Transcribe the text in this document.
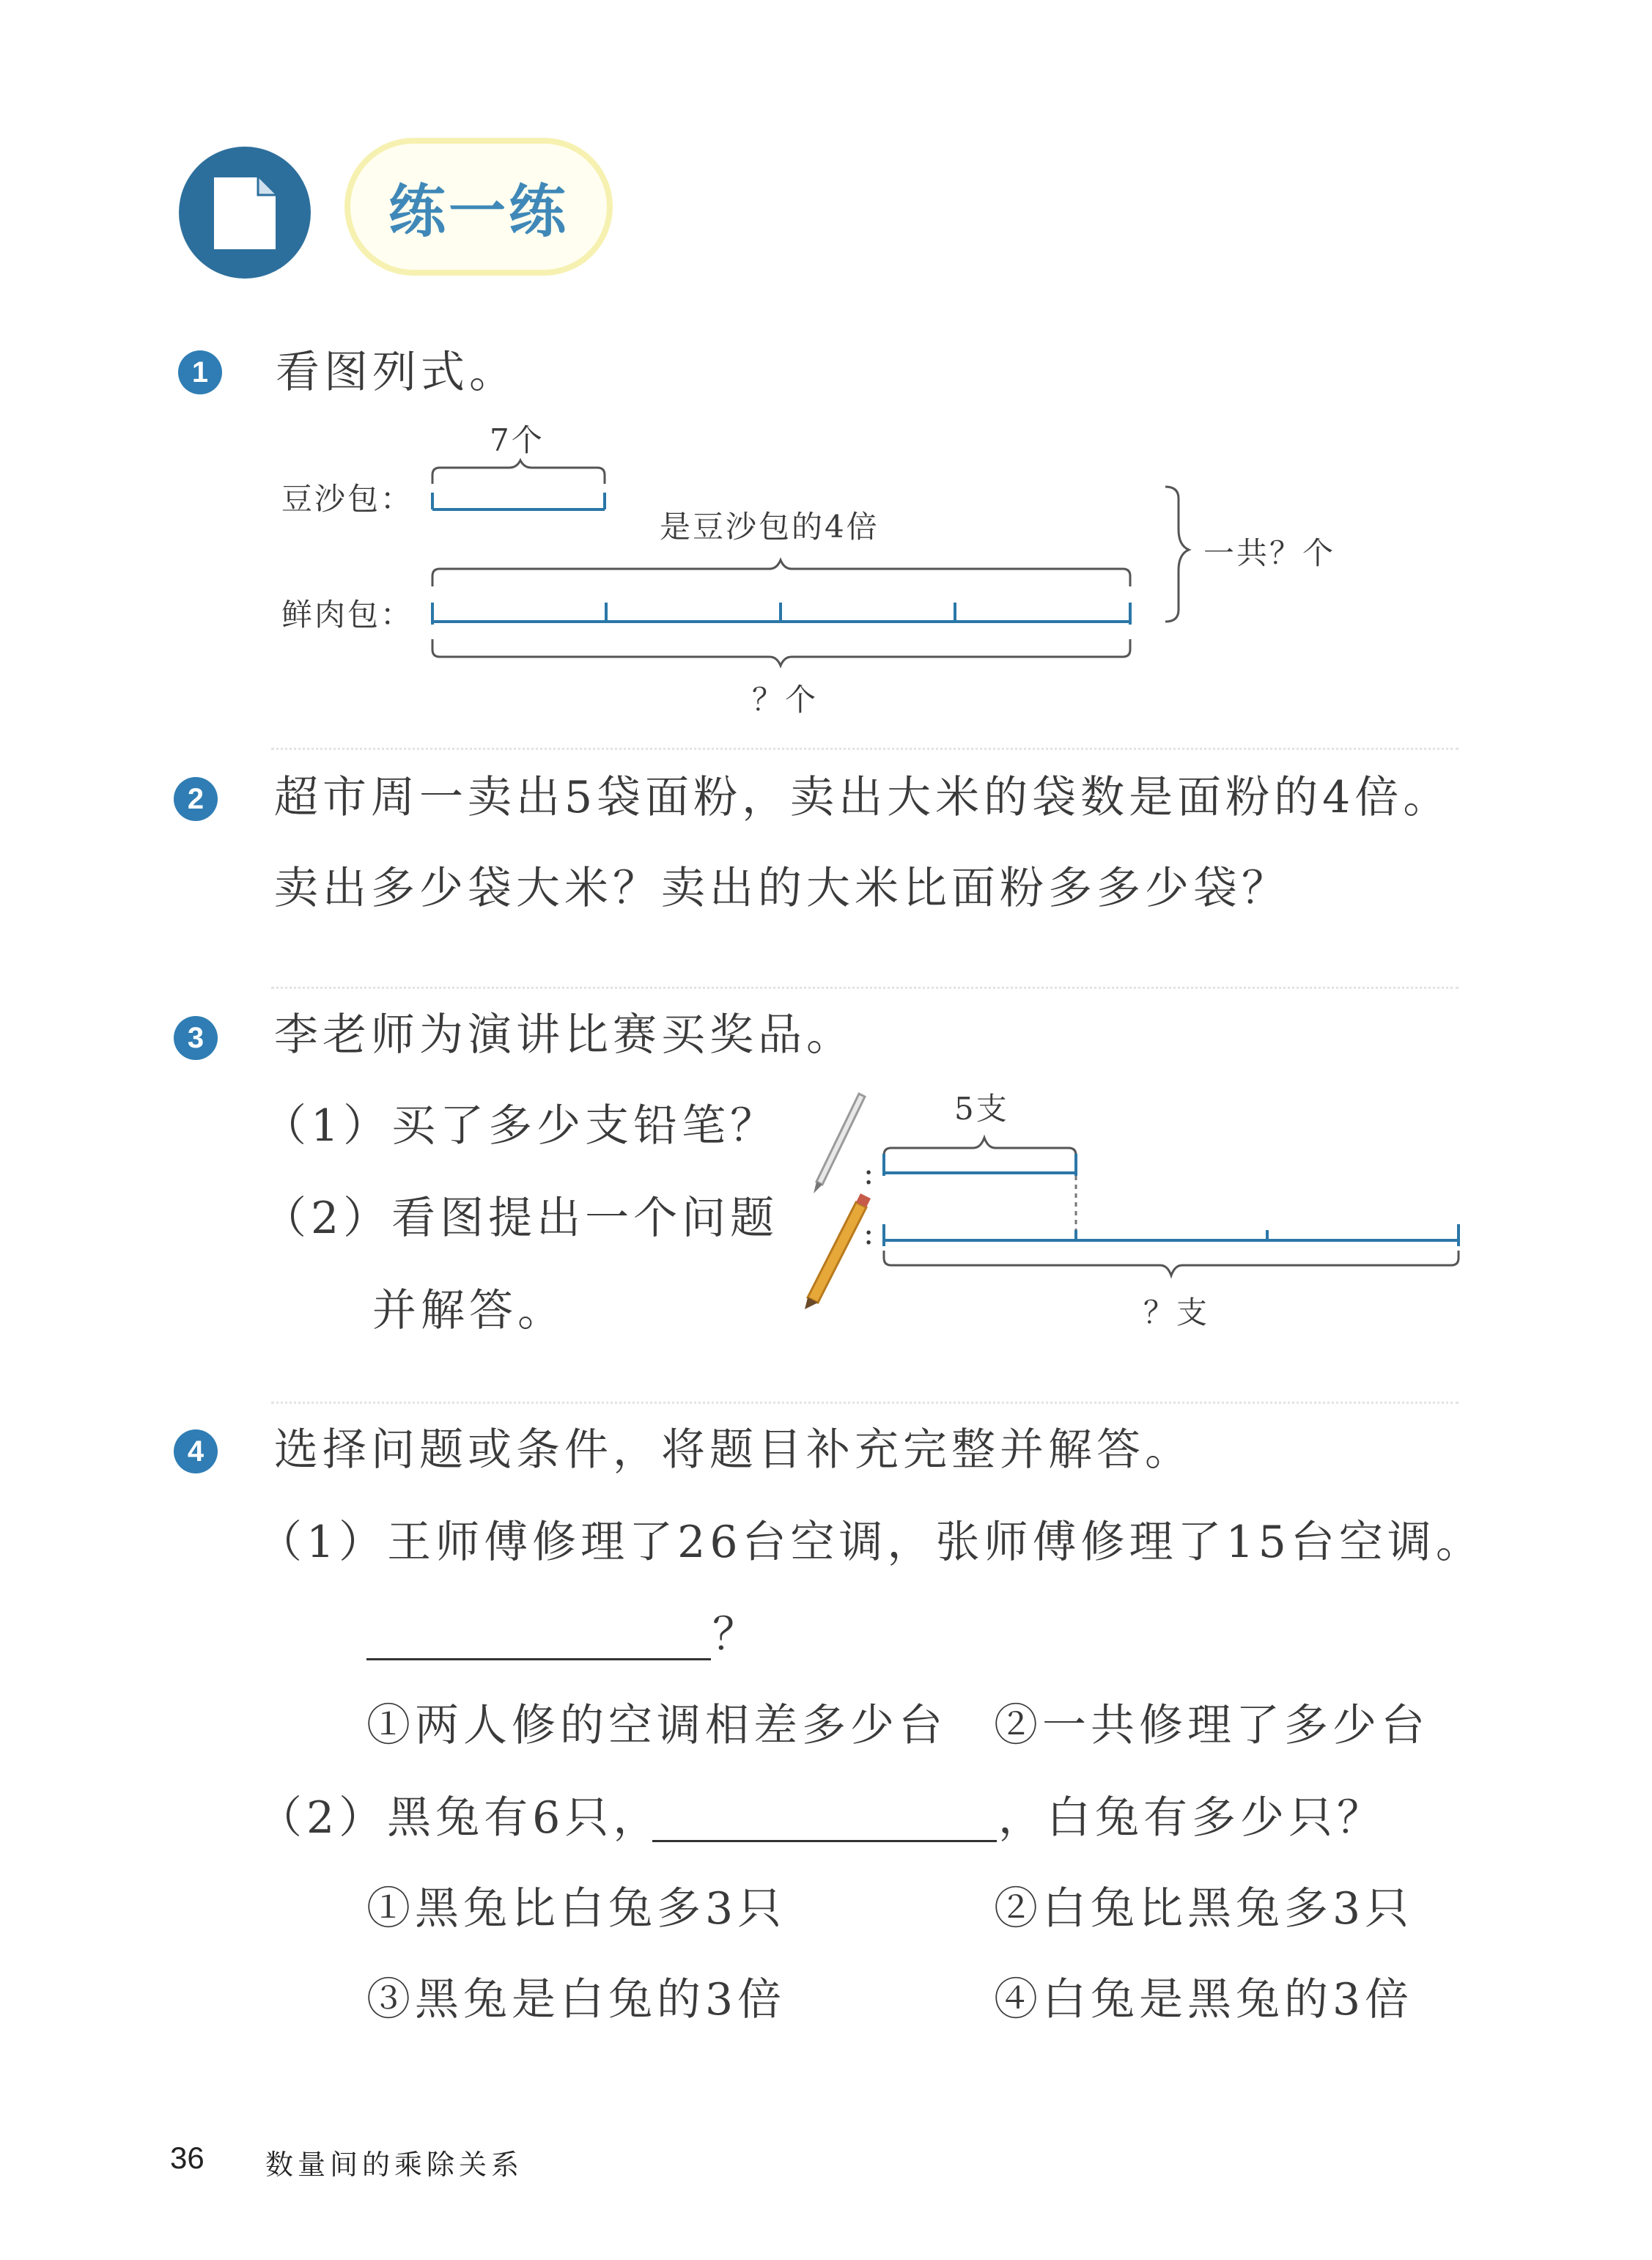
练一练
1	看图列式。
豆沙包：
鲜肉包：
7个
是豆沙包的4倍
一共？个
？个
2	超市周一卖出5袋面粉，卖出大米的袋数是面粉的4倍。
卖出多少袋大米？卖出的大米比面粉多多少袋？
3	李老师为演讲比赛买奖品。
（1）买了多少支铅笔？
（2）看图提出一个问题
并解答。
:
:
5支
？支
4	选择问题或条件，将题目补充完整并解答。
（1）王师傅修理了26台空调，张师傅修理了15台空调。
？
①两人修的空调相差多少台 ②一共修理了多少台
（2）黑兔有6只，	，白兔有多少只？
①黑兔比白兔多3只	②白兔比黑兔多3只
③黑兔是白兔的3倍	④白兔是黑兔的3倍
36 数量间的乘除关系
